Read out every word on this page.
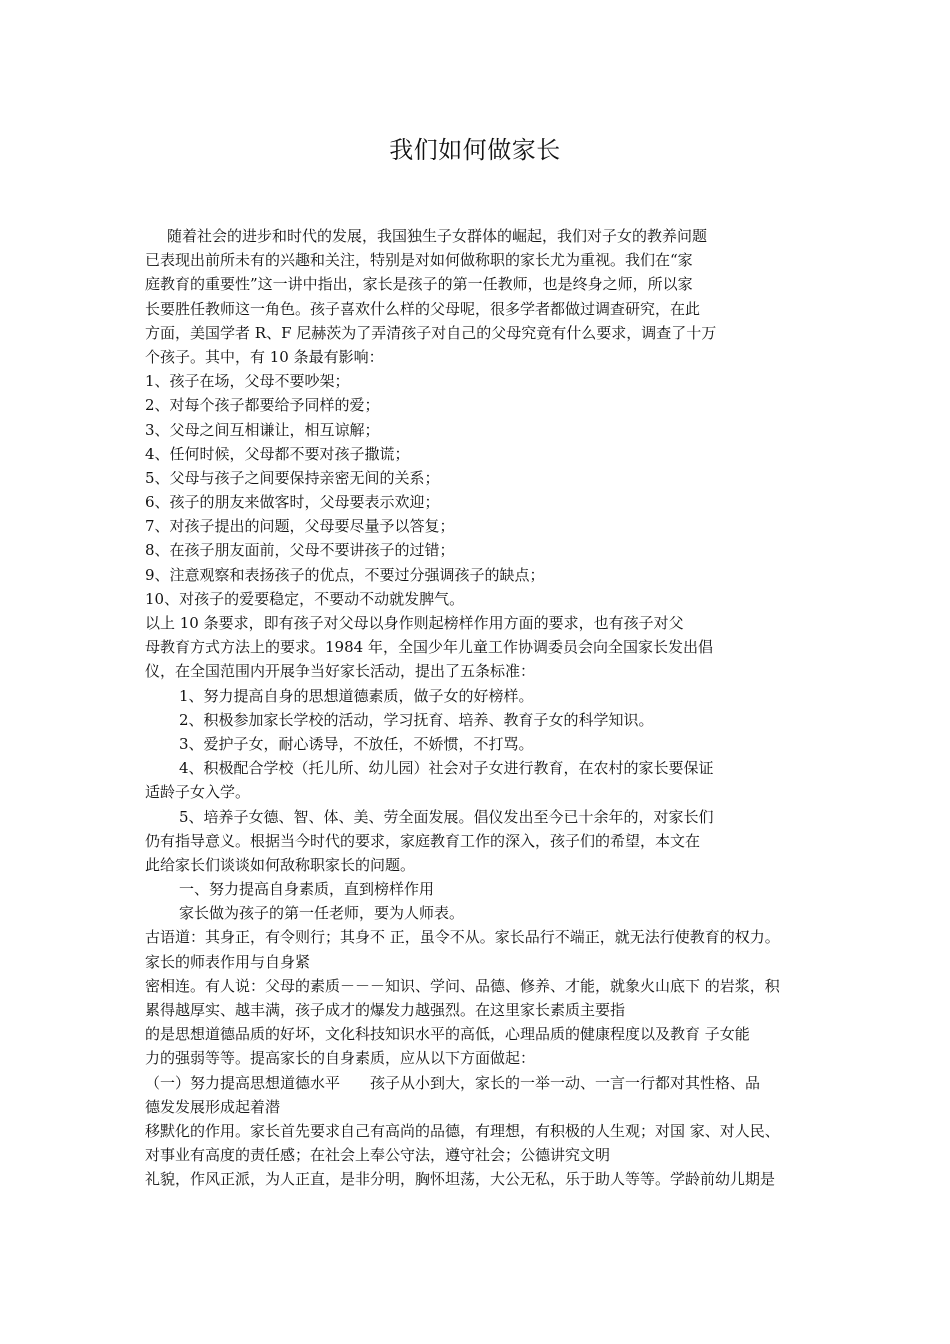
我们如何做家长
随着社会的进步和时代的发展，我国独生子女群体的崛起，我们对子女的教养问题
已表现出前所未有的兴趣和关注，特别是对如何做称职的家长尤为重视。我们在“家
庭教育的重要性”这一讲中指出，家长是孩子的第一任教师，也是终身之师，所以家
长要胜任教师这一角色。孩子喜欢什么样的父母呢，很多学者都做过调查研究，在此
方面，美国学者 R、F 尼赫茨为了弄清孩子对自己的父母究竟有什么要求，调查了十万
个孩子。其中，有 10 条最有影响：
1、孩子在场，父母不要吵架；
2、对每个孩子都要给予同样的爱；
3、父母之间互相谦让，相互谅解；
4、任何时候，父母都不要对孩子撒谎；
5、父母与孩子之间要保持亲密无间的关系；
6、孩子的朋友来做客时，父母要表示欢迎；
7、对孩子提出的问题，父母要尽量予以答复；
8、在孩子朋友面前，父母不要讲孩子的过错；
9、注意观察和表扬孩子的优点，不要过分强调孩子的缺点；
10、对孩子的爱要稳定，不要动不动就发脾气。
以上 10 条要求，即有孩子对父母以身作则起榜样作用方面的要求，也有孩子对父
母教育方式方法上的要求。1984 年，全国少年儿童工作协调委员会向全国家长发出倡
仪，在全国范围内开展争当好家长活动，提出了五条标准：
1、努力提高自身的思想道德素质，做子女的好榜样。
2、积极参加家长学校的活动，学习抚育、培养、教育子女的科学知识。
3、爱护子女，耐心诱导，不放任，不娇惯，不打骂。
4、积极配合学校（托儿所、幼儿园）社会对子女进行教育，在农村的家长要保证
适龄子女入学。
5、培养子女德、智、体、美、劳全面发展。倡仪发出至今已十余年的，对家长们
仍有指导意义。根据当今时代的要求，家庭教育工作的深入，孩子们的希望，本文在
此给家长们谈谈如何敌称职家长的问题。
一、努力提高自身素质，直到榜样作用
家长做为孩子的第一任老师，要为人师表。
古语道：其身正，有令则行；其身不 正，虽令不从。家长品行不端正，就无法行使教育的权力。
家长的师表作用与自身紧
密相连。有人说：父母的素质－－－知识、学问、品德、修养、才能，就象火山底下 的岩浆，积
累得越厚实、越丰满，孩子成才的爆发力越强烈。在这里家长素质主要指
的是思想道德品质的好坏，文化科技知识水平的高低，心理品质的健康程度以及教育 子女能
力的强弱等等。提高家长的自身素质，应从以下方面做起：
（一）努力提高思想道德水平　　孩子从小到大，家长的一举一动、一言一行都对其性格、品
德发发展形成起着潜
移默化的作用。家长首先要求自己有高尚的品德，有理想，有积极的人生观；对国 家、对人民、
对事业有高度的责任感；在社会上奉公守法，遵守社会；公德讲究文明
礼貌，作风正派，为人正直，是非分明，胸怀坦荡，大公无私，乐于助人等等。学龄前幼儿期是
